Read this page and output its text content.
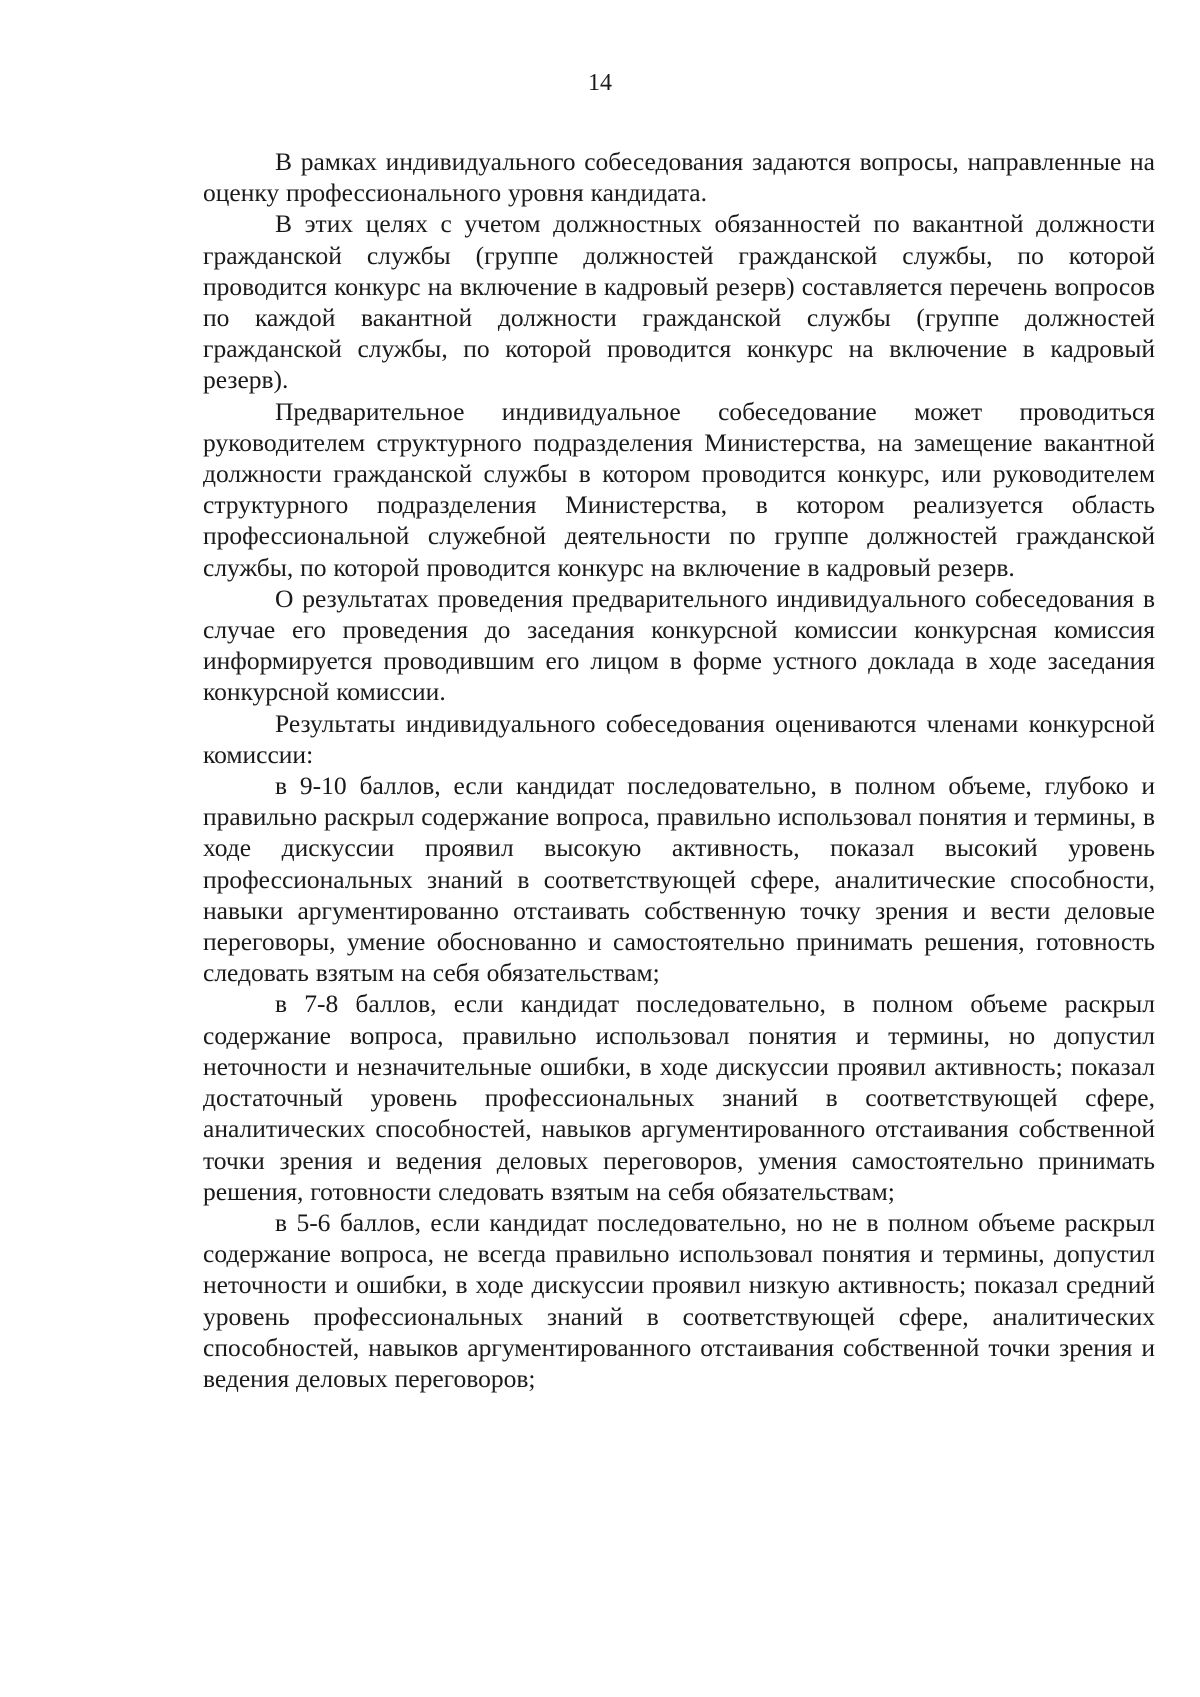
14

В рамках индивидуального собеседования задаются вопросы, направленные на оценку профессионального уровня кандидата.

В этих целях с учетом должностных обязанностей по вакантной должности гражданской службы (группе должностей гражданской службы, по которой проводится конкурс на включение в кадровый резерв) составляется перечень вопросов по каждой вакантной должности гражданской службы (группе должностей гражданской службы, по которой проводится конкурс на включение в кадровый резерв).

Предварительное индивидуальное собеседование может проводиться руководителем структурного подразделения Министерства, на замещение вакантной должности гражданской службы в котором проводится конкурс, или руководителем структурного подразделения Министерства, в котором реализуется область профессиональной служебной деятельности по группе должностей гражданской службы, по которой проводится конкурс на включение в кадровый резерв.

О результатах проведения предварительного индивидуального собеседования в случае его проведения до заседания конкурсной комиссии конкурсная комиссия информируется проводившим его лицом в форме устного доклада в ходе заседания конкурсной комиссии.

Результаты индивидуального собеседования оцениваются членами конкурсной комиссии:

в 9-10 баллов, если кандидат последовательно, в полном объеме, глубоко и правильно раскрыл содержание вопроса, правильно использовал понятия и термины, в ходе дискуссии проявил высокую активность, показал высокий уровень профессиональных знаний в соответствующей сфере, аналитические способности, навыки аргументированно отстаивать собственную точку зрения и вести деловые переговоры, умение обоснованно и самостоятельно принимать решения, готовность следовать взятым на себя обязательствам;

в 7-8 баллов, если кандидат последовательно, в полном объеме раскрыл содержание вопроса, правильно использовал понятия и термины, но допустил неточности и незначительные ошибки, в ходе дискуссии проявил активность; показал достаточный уровень профессиональных знаний в соответствующей сфере, аналитических способностей, навыков аргументированного отстаивания собственной точки зрения и ведения деловых переговоров, умения самостоятельно принимать решения, готовности следовать взятым на себя обязательствам;

в 5-6 баллов, если кандидат последовательно, но не в полном объеме раскрыл содержание вопроса, не всегда правильно использовал понятия и термины, допустил неточности и ошибки, в ходе дискуссии проявил низкую активность; показал средний уровень профессиональных знаний в соответствующей сфере, аналитических способностей, навыков аргументированного отстаивания собственной точки зрения и ведения деловых переговоров;
